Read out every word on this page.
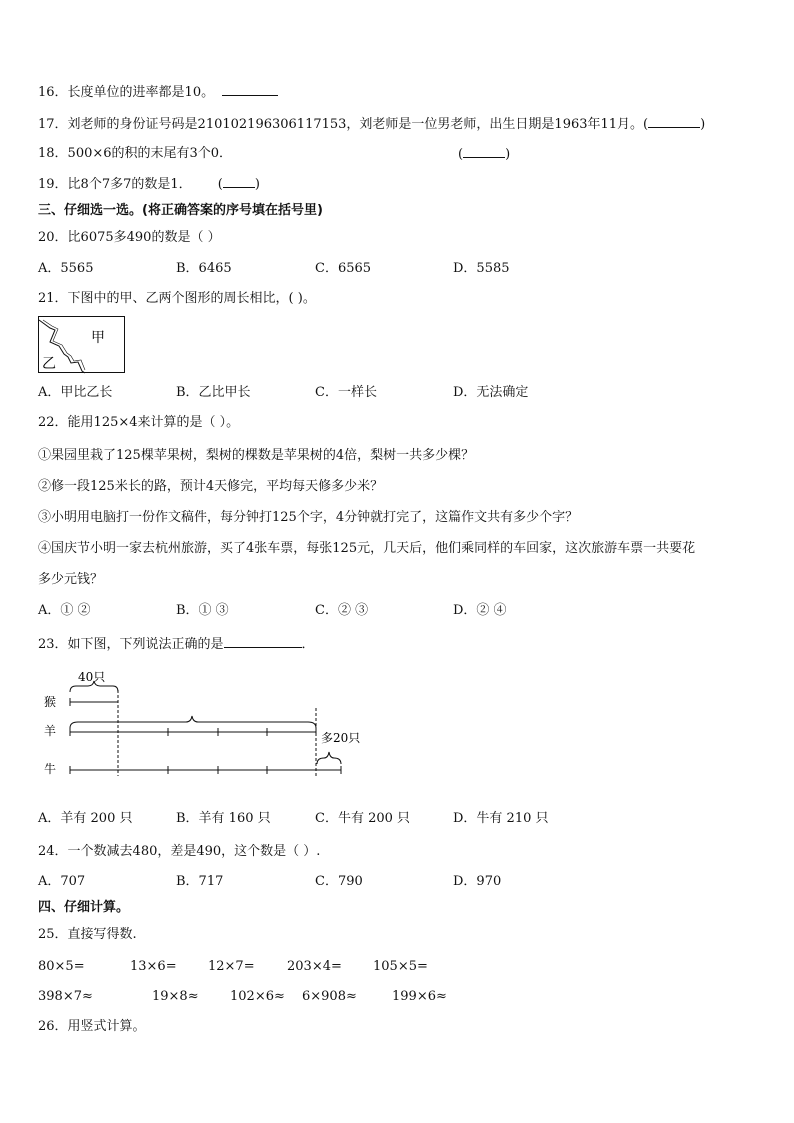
16．长度单位的进率都是10。
17．刘老师的身份证号码是210102196306117153，刘老师是一位男老师，出生日期是1963年11月。(	)
18．500×6的积的末尾有3个0．	(	)
19．比8个7多7的数是1． ( )
三、仔细选一选。(将正确答案的序号填在括号里)
20．比6075多490的数是（ ）
A．5565	B．6465	C．6565	D．5585
21．下图中的甲、乙两个图形的周长相比，( )。
甲
乙
A．甲比乙长	B．乙比甲长	C．一样长	D．无法确定
22．能用125×4来计算的是（ ）。
①果园里栽了125棵苹果树，梨树的棵数是苹果树的4倍，梨树一共多少棵？
②修一段125米长的路，预计4天修完，平均每天修多少米？
③小明用电脑打一份作文稿件，每分钟打125个字，4分钟就打完了，这篇作文共有多少个字？
④国庆节小明一家去杭州旅游，买了4张车票，每张125元，几天后，他们乘同样的车回家，这次旅游车票一共要花
多少元钱？
A．① ②	B．① ③	C．② ③	D．② ④
23．如下图，下列说法正确的是	．
40只
猴
羊
牛
多20只
A．羊有 200 只	B．羊有 160 只	C．牛有 200 只	D．牛有 210 只
24．一个数减去480，差是490，这个数是（ ）.
A．707	B．717	C．790	D．970
四、仔细计算。
25．直接写得数.
80×5=	13×6= 12×7= 203×4= 105×5=
398×7≈	19×8≈ 102×6≈ 6×908≈	199×6≈
26．用竖式计算。
